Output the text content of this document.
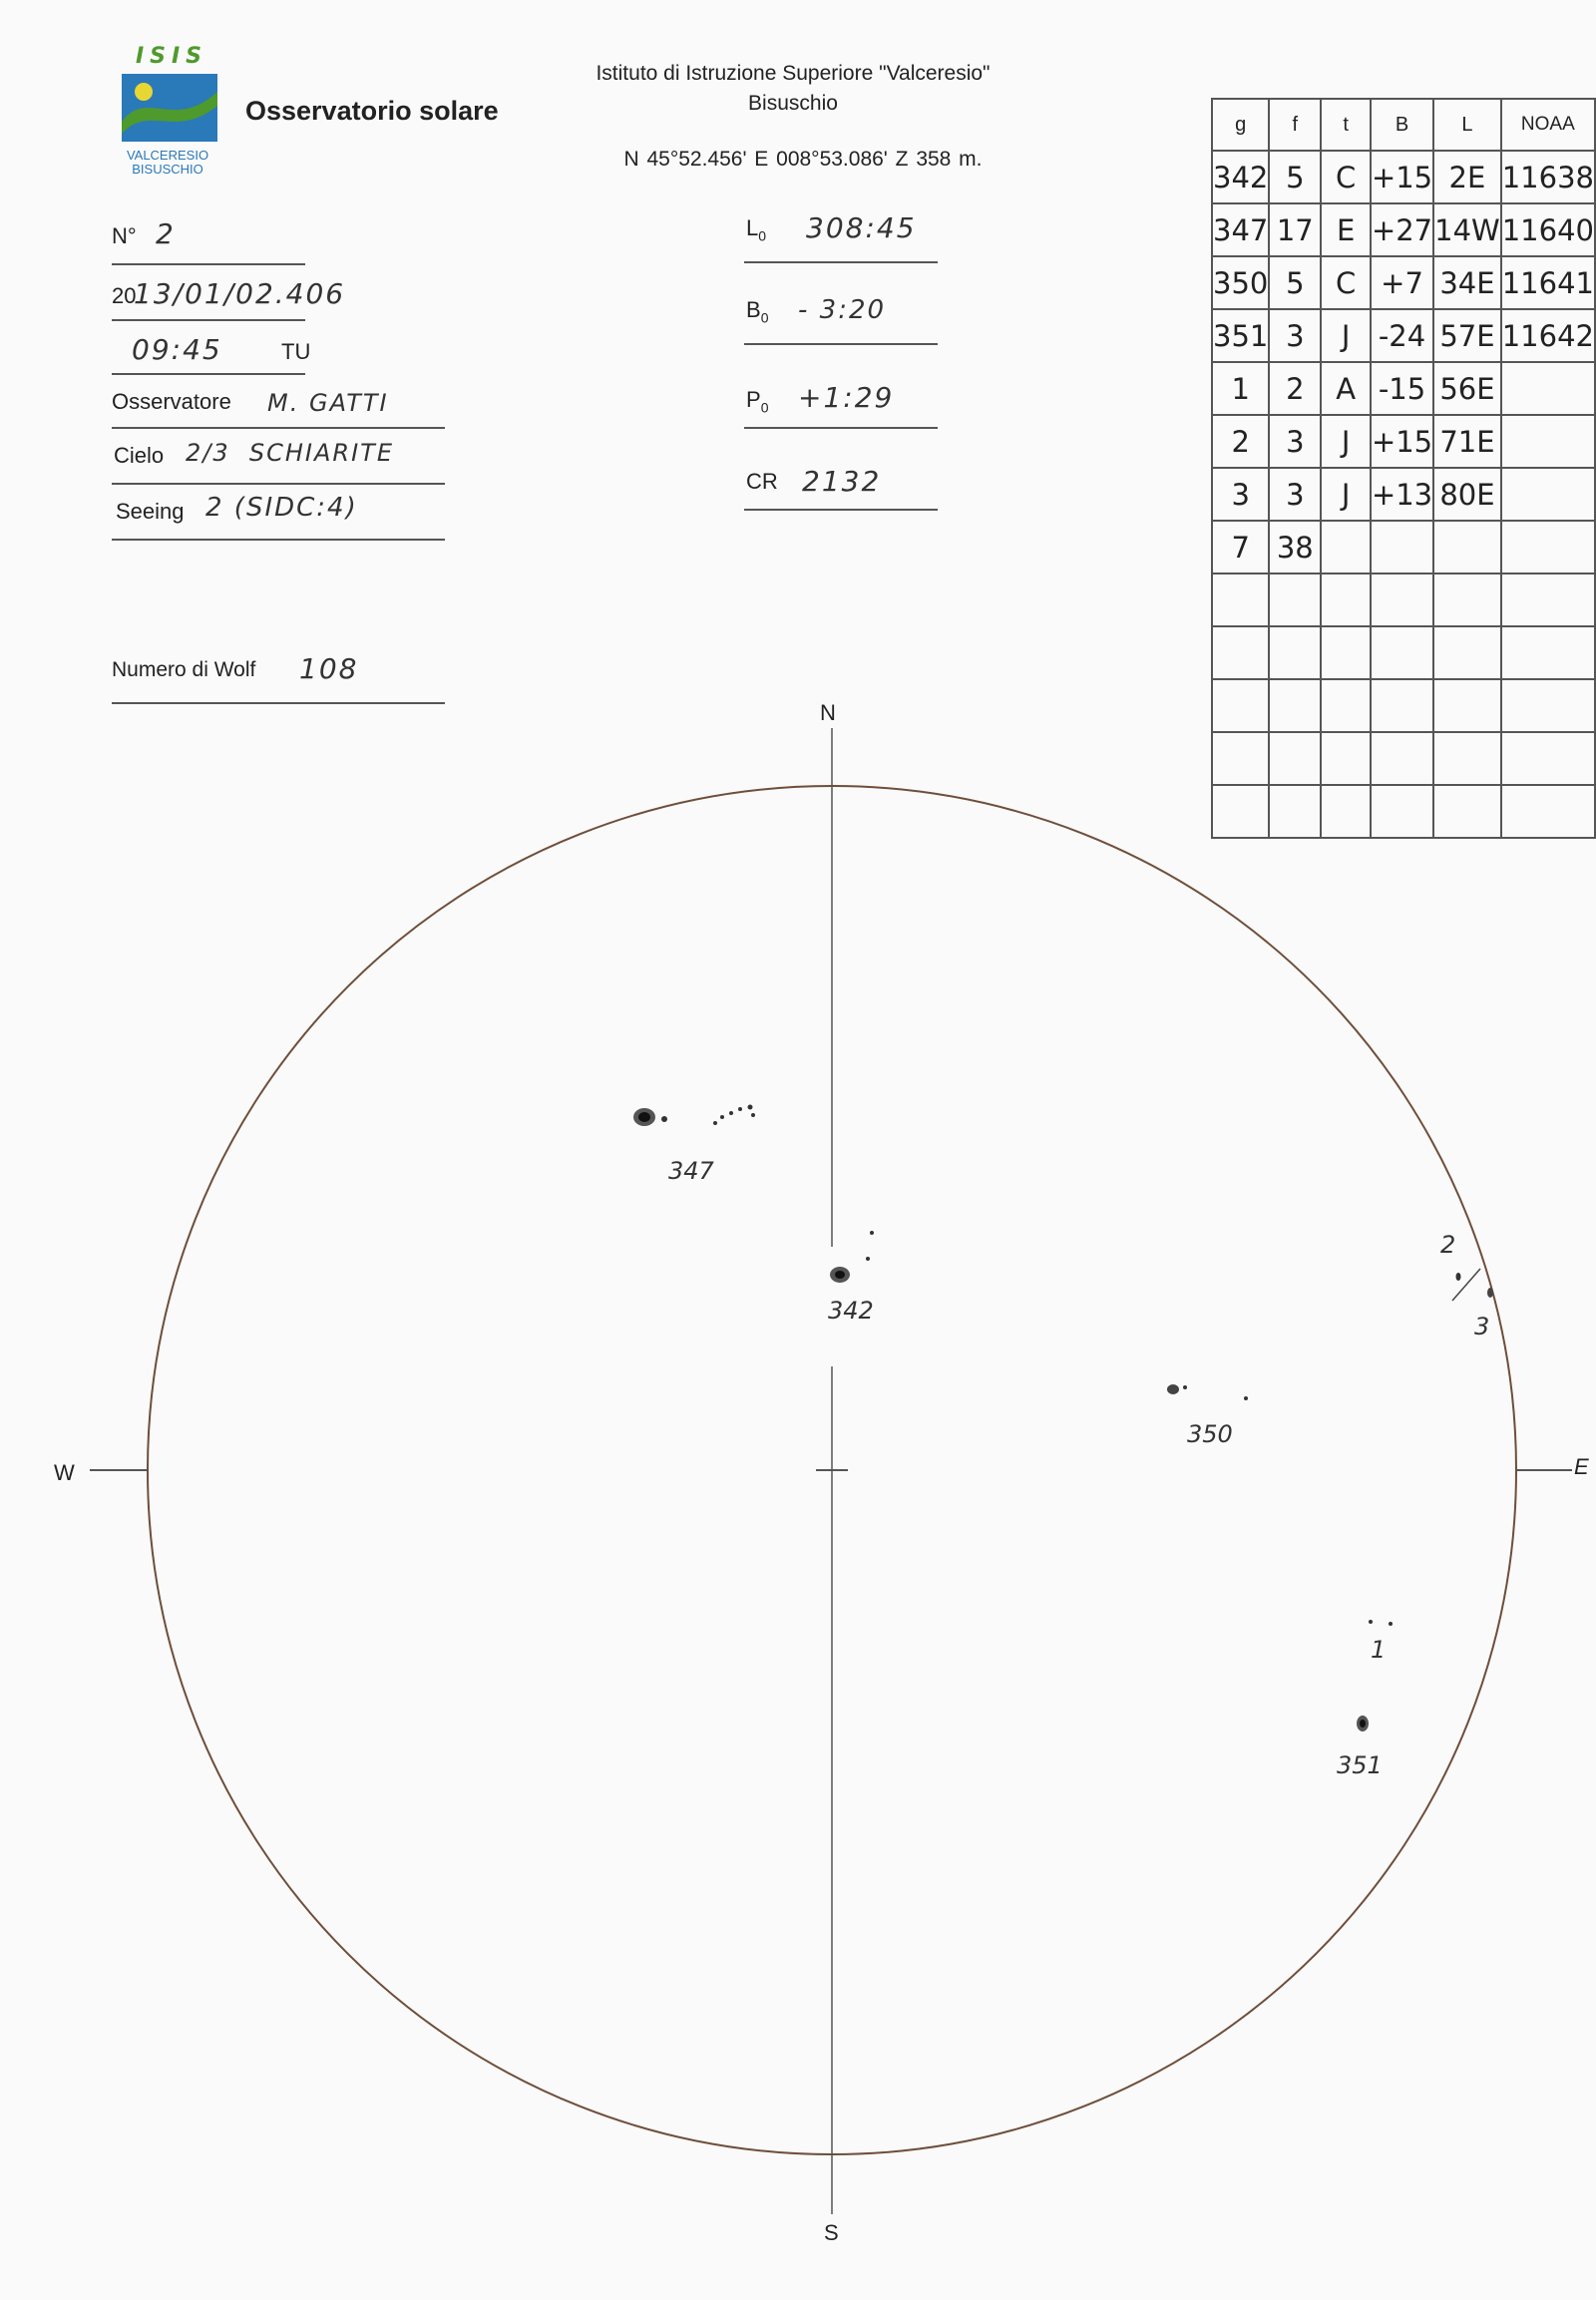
ISIS
VALCERESIO
BISUSCHIO
Osservatorio solare
Istituto di Istruzione Superiore "Valceresio"
Bisuschio
N 45°52.456' E 008°53.086' Z 358 m.
N° 2
20
13/01/02.406
09:45	TU
Osservatore M. GATTI
Cielo 2/3  SCHIARITE
Seeing 2 (SIDC:4)
Numero di Wolf 108
$L_0$ 308:45
$B_0$ - 3:20
$P_0$ +1:29
CR 2132
g	f	t	B	L	NOAA
342	5	C	+15	2E	11638
347	17	E	+27	14W	11640
350	5	C	+7	34E	11641
351	3	J	-24	57E	11642
1	2	A	-15	56E	
2	3	J	+15	71E	
3	3	J	+13	80E	
7	38				

N
S
W	E
347
342
350
1
351
2
3
